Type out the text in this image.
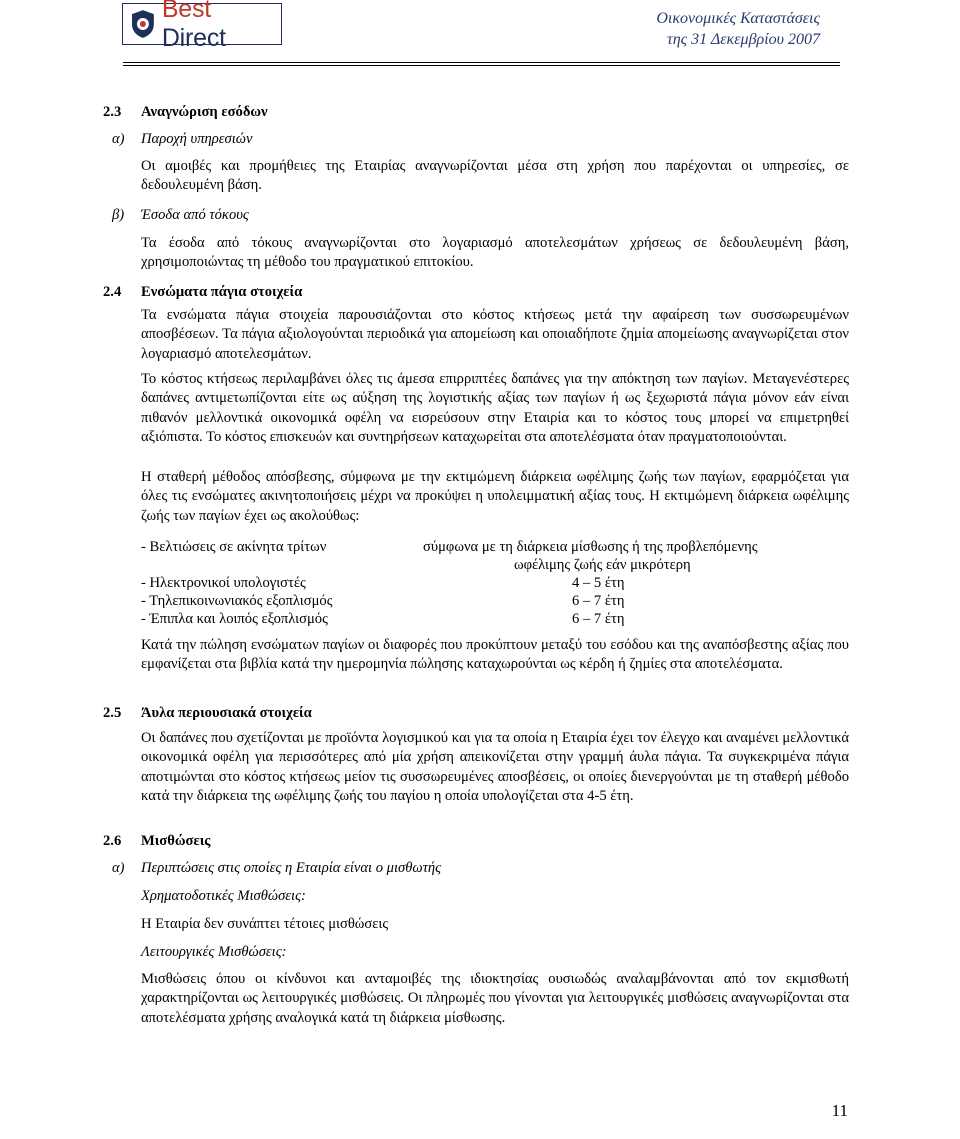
Best Direct
Οικονομικές Καταστάσεις
της 31 Δεκεμβρίου 2007
2.3 Αναγνώριση εσόδων
α) Παροχή υπηρεσιών
Οι αμοιβές και προμήθειες της Εταιρίας αναγνωρίζονται μέσα στη χρήση που παρέχονται οι υπηρεσίες, σε δεδουλευμένη βάση.
β) Έσοδα από τόκους
Τα έσοδα από τόκους αναγνωρίζονται στο λογαριασμό αποτελεσμάτων χρήσεως σε δεδουλευμένη βάση, χρησιμοποιώντας τη μέθοδο του πραγματικού επιτοκίου.
2.4 Ενσώματα πάγια στοιχεία
Τα ενσώματα πάγια στοιχεία παρουσιάζονται στο κόστος κτήσεως μετά την αφαίρεση των συσσωρευμένων αποσβέσεων. Τα πάγια αξιολογούνται περιοδικά για απομείωση και οποιαδήποτε ζημία απομείωσης αναγνωρίζεται στον λογαριασμό αποτελεσμάτων.
Το κόστος κτήσεως περιλαμβάνει όλες τις άμεσα επιρριπτέες δαπάνες για την απόκτηση των παγίων. Μεταγενέστερες δαπάνες αντιμετωπίζονται είτε ως αύξηση της λογιστικής αξίας των παγίων ή ως ξεχωριστά πάγια μόνον εάν είναι πιθανόν μελλοντικά οικονομικά οφέλη να εισρεύσουν στην Εταιρία και το κόστος τους μπορεί να επιμετρηθεί αξιόπιστα. Το κόστος επισκευών και συντηρήσεων καταχωρείται στα αποτελέσματα όταν πραγματοποιούνται.
Η σταθερή μέθοδος απόσβεσης, σύμφωνα με την εκτιμώμενη διάρκεια ωφέλιμης ζωής των παγίων, εφαρμόζεται για όλες τις ενσώματες ακινητοποιήσεις μέχρι να προκύψει η υπολειμματική αξίας τους. Η εκτιμώμενη διάρκεια ωφέλιμης ζωής των παγίων έχει ως ακολούθως:
- Βελτιώσεις σε ακίνητα τρίτων	σύμφωνα με τη διάρκεια μίσθωσης ή της προβλεπόμενης
ωφέλιμης ζωής εάν μικρότερη
- Ηλεκτρονικοί υπολογιστές	4 – 5 έτη
- Τηλεπικοινωνιακός εξοπλισμός	6 – 7 έτη
- Έπιπλα και λοιπός εξοπλισμός	6 – 7 έτη
Κατά την πώληση ενσώματων παγίων οι διαφορές που προκύπτουν μεταξύ του εσόδου και της αναπόσβεστης αξίας που εμφανίζεται στα βιβλία κατά την ημερομηνία πώλησης καταχωρούνται ως κέρδη ή ζημίες στα αποτελέσματα.
2.5 Άυλα περιουσιακά στοιχεία
Οι δαπάνες που σχετίζονται με προϊόντα λογισμικού και για τα οποία η Εταιρία έχει τον έλεγχο και αναμένει μελλοντικά οικονομικά οφέλη για περισσότερες από μία χρήση απεικονίζεται στην γραμμή άυλα πάγια. Τα συγκεκριμένα πάγια αποτιμώνται στο κόστος κτήσεως μείον τις συσσωρευμένες αποσβέσεις, οι οποίες διενεργούνται με τη σταθερή μέθοδο κατά την διάρκεια της ωφέλιμης ζωής του παγίου η οποία υπολογίζεται στα 4-5 έτη.
2.6 Μισθώσεις
α) Περιπτώσεις στις οποίες η Εταιρία είναι ο μισθωτής
Χρηματοδοτικές Μισθώσεις:
Η Εταιρία δεν συνάπτει τέτοιες μισθώσεις
Λειτουργικές Μισθώσεις:
Μισθώσεις όπου οι κίνδυνοι και ανταμοιβές της ιδιοκτησίας ουσιωδώς αναλαμβάνονται από τον εκμισθωτή χαρακτηρίζονται ως λειτουργικές μισθώσεις. Οι πληρωμές που γίνονται για λειτουργικές μισθώσεις αναγνωρίζονται στα αποτελέσματα χρήσης αναλογικά κατά τη διάρκεια μίσθωσης.
11
